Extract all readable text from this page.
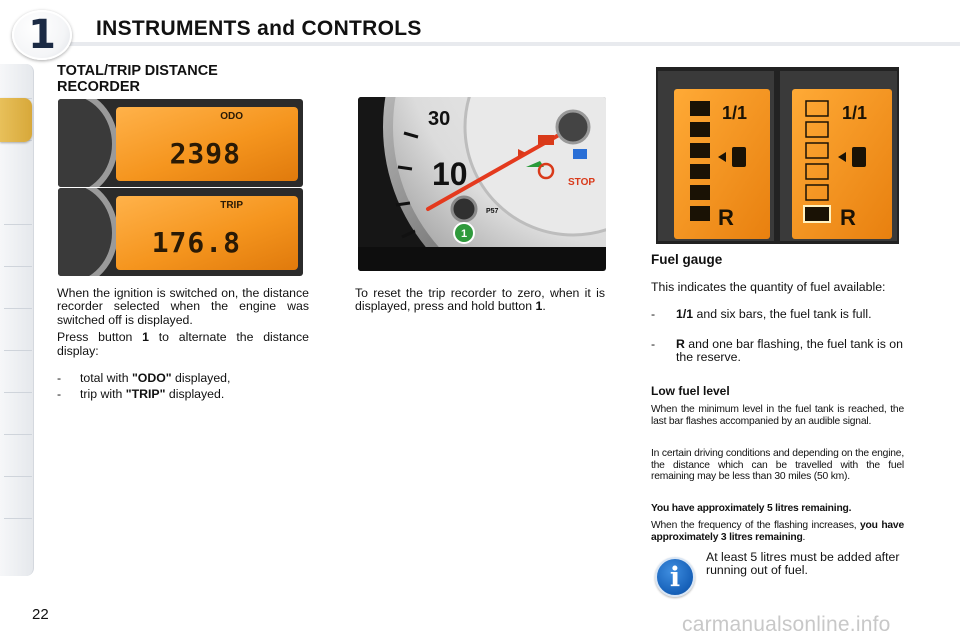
1	INSTRUMENTS and CONTROLS
TOTAL/TRIP DISTANCE RECORDER
ODO
2398
TRIP
176.8
30
10	STOP
P57
1
1/1
R
1/1
R

When the ignition is switched on, the distance recorder selected when the engine was switched off is displayed.

Press button 1 to alternate the distance display:

- total with "ODO" displayed,
- trip with "TRIP" displayed.

To reset the trip recorder to zero, when it is displayed, press and hold button 1.

Fuel gauge
This indicates the quantity of fuel available:
- 1/1 and six bars, the fuel tank is full.
- R and one bar flashing, the fuel tank is on the reserve.
Low fuel level
When the minimum level in the fuel tank is reached, the last bar flashes accompanied by an audible signal.
In certain driving conditions and depending on the engine, the distance which can be travelled with the fuel remaining may be less than 30 miles (50 km).
You have approximately 5 litres remaining.
When the frequency of the flashing increases, you have approximately 3 litres remaining.
i
At least 5 litres must be added after running out of fuel.
22	carmanualsonline.info
